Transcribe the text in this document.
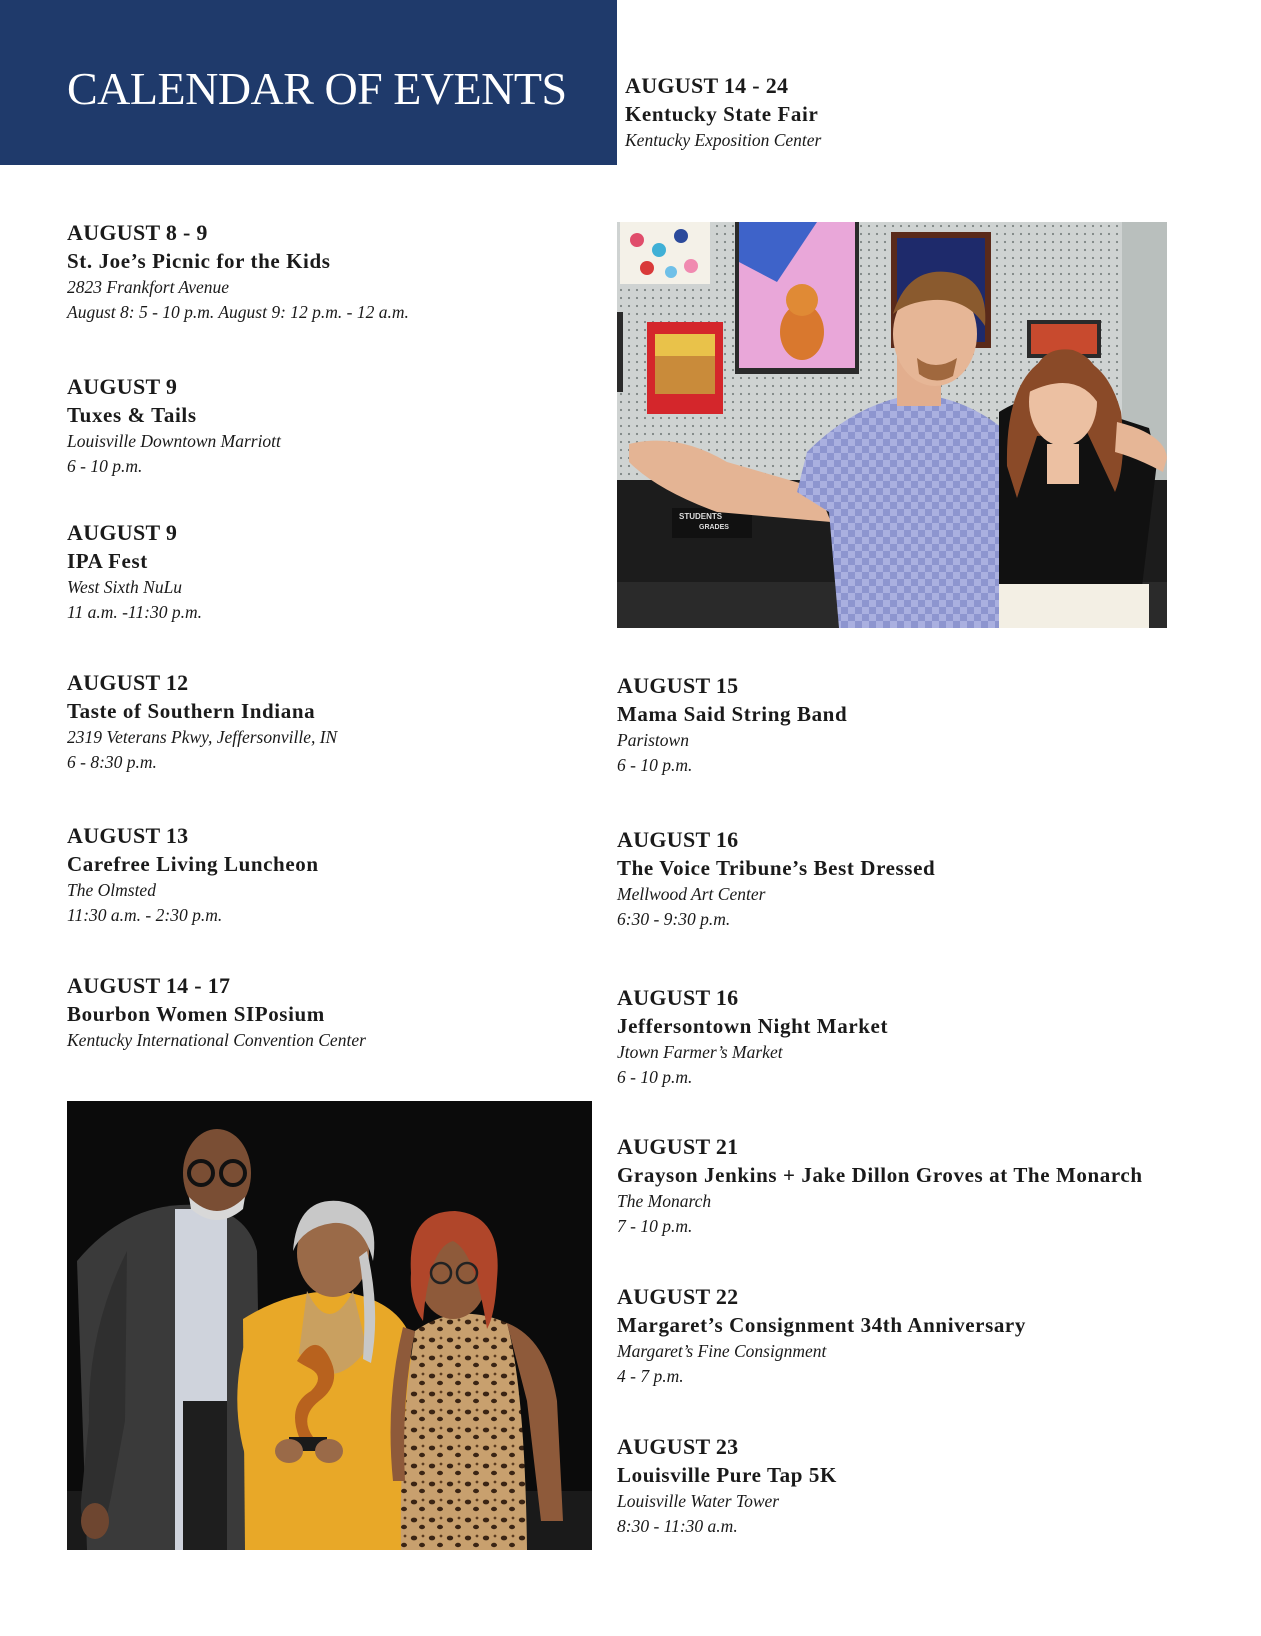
CALENDAR OF EVENTS	AUGUST 14 - 24
Kentucky State Fair
Kentucky Exposition Center
AUGUST 8 - 9
St. Joe’s Picnic for the Kids
2823 Frankfort Avenue
August 8: 5 - 10 p.m. August 9: 12 p.m. - 12 a.m.
AUGUST 9
Tuxes & Tails
Louisville Downtown Marriott
6 - 10 p.m.
AUGUST 9
IPA Fest
West Sixth NuLu
11 a.m. -11:30 p.m.
AUGUST 12
Taste of Southern Indiana
2319 Veterans Pkwy, Jeffersonville, IN
6 - 8:30 p.m.
AUGUST 13
Carefree Living Luncheon
The Olmsted
11:30 a.m. - 2:30 p.m.
AUGUST 14 - 17
Bourbon Women SIPosium
Kentucky International Convention Center
AUGUST 15
Mama Said String Band
Paristown
6 - 10 p.m.
AUGUST 16
The Voice Tribune’s Best Dressed
Mellwood Art Center
6:30 - 9:30 p.m.
AUGUST 16
Jeffersontown Night Market
Jtown Farmer’s Market
6 - 10 p.m.
AUGUST 21
Grayson Jenkins + Jake Dillon Groves at The Monarch
The Monarch
7 - 10 p.m.
AUGUST 22
Margaret’s Consignment 34th Anniversary
Margaret’s Fine Consignment
4 - 7 p.m.
AUGUST 23
Louisville Pure Tap 5K
Louisville Water Tower
8:30 - 11:30 a.m.
STUDENTS
GRADES
